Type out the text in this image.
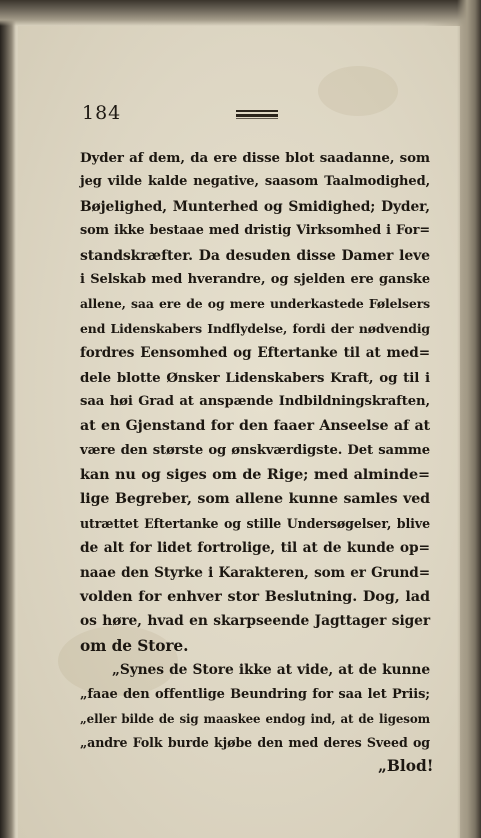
184
Dyder af dem, da ere disse blot saadanne, som
jeg vilde kalde negative, saasom Taalmodighed,
Bøjelighed, Munterhed og Smidighed; Dyder,
som ikke bestaae med dristig Virksomhed i For=
standskræfter. Da desuden disse Damer leve
i Selskab med hverandre, og sjelden ere ganske
allene, saa ere de og mere underkastede Følelsers
end Lidenskabers Indflydelse, fordi der nødvendig
fordres Eensomhed og Eftertanke til at med=
dele blotte Ønsker Lidenskabers Kraft, og til i
saa høi Grad at anspænde Indbildningskraften,
at en Gjenstand for den faaer Anseelse af at
være den største og ønskværdigste. Det samme
kan nu og siges om de Rige; med alminde=
lige Begreber, som allene kunne samles ved
utrættet Eftertanke og stille Undersøgelser, blive
de alt for lidet fortrolige, til at de kunde op=
naae den Styrke i Karakteren, som er Grund=
volden for enhver stor Beslutning. Dog, lad
os høre, hvad en skarpseende Jagttager siger
om de Store.
„Synes de Store ikke at vide, at de kunne
„faae den offentlige Beundring for saa let Priis;
„eller bilde de sig maaskee endog ind, at de ligesom
„andre Folk burde kjøbe den med deres Sveed og
„Blod!
